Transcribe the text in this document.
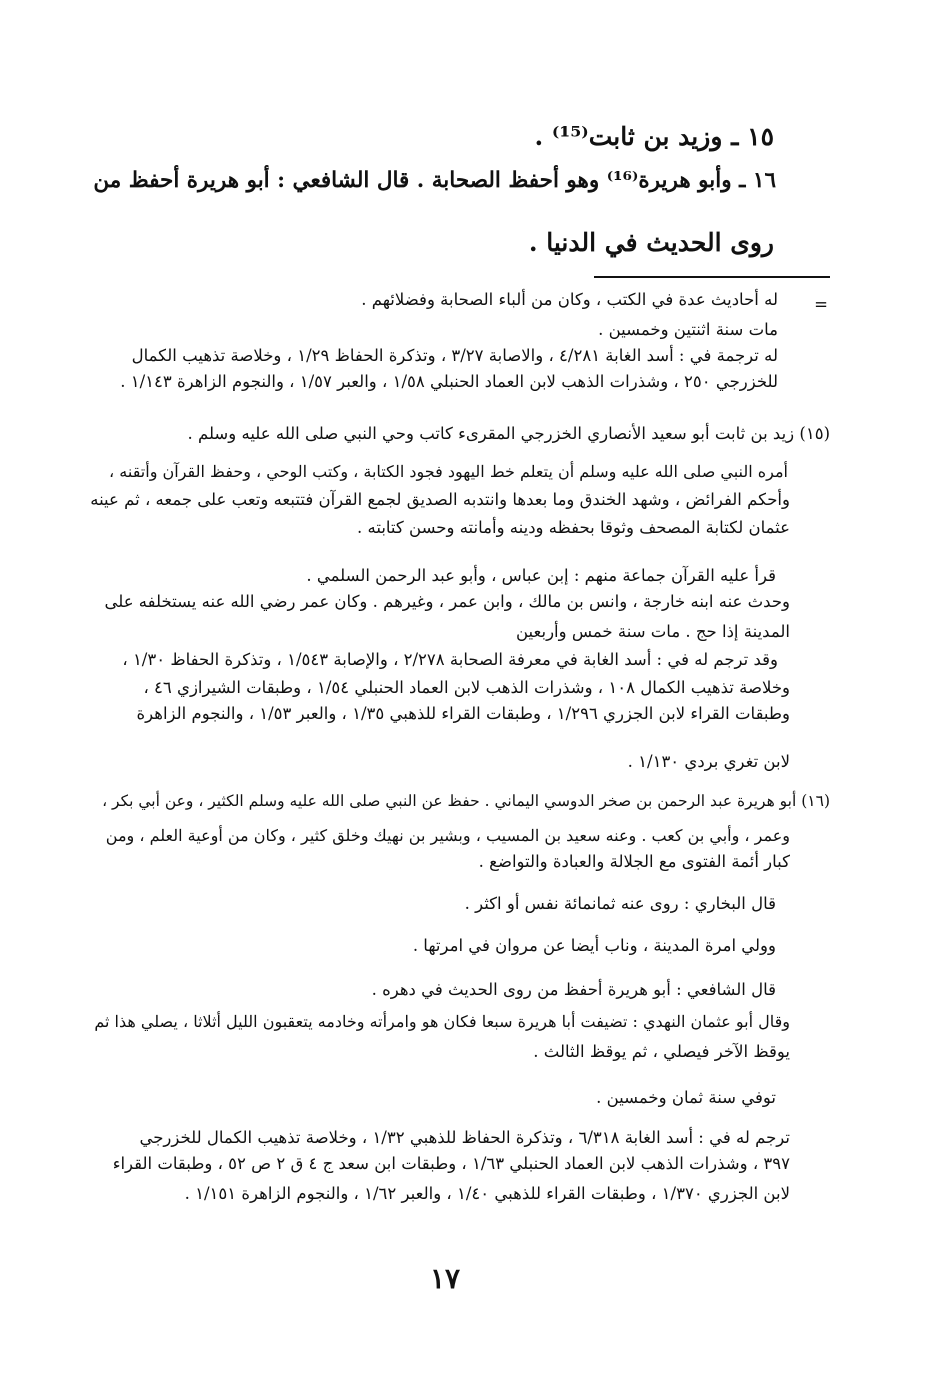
١٥ ـ وزيد بن ثابت⁽¹⁵⁾ .
١٦ ـ وأبو هريرة⁽¹⁶⁾ وهو أحفظ الصحابة . قال الشافعي : أبو هريرة أحفظ من
روى الحديث في الدنيا .
=
له أحاديث عدة في الكتب ، وكان من ألباء الصحابة وفضلائهم .
مات سنة اثنتين وخمسين .
له ترجمة في : أسد الغابة ٤/٢٨١ ، والاصابة ٣/٢٧ ، وتذكرة الحفاظ ١/٢٩ ، وخلاصة تذهيب الكمال
للخزرجي ٢٥٠ ، وشذرات الذهب لابن العماد الحنبلي ١/٥٨ ، والعبر ١/٥٧ ، والنجوم الزاهرة ١/١٤٣ .
(١٥) زيد بن ثابت أبو سعيد الأنصاري الخزرجي المقرىء كاتب وحي النبي صلى الله عليه وسلم .
أمره النبي صلى الله عليه وسلم أن يتعلم خط اليهود فجود الكتابة ، وكتب الوحي ، وحفظ القرآن وأتقنه ،
وأحكم الفرائض ، وشهد الخندق وما بعدها وانتدبه الصديق لجمع القرآن فتتبعه وتعب على جمعه ، ثم عينه
عثمان لكتابة المصحف وثوقا بحفظه ودينه وأمانته وحسن كتابته .
قرأ عليه القرآن جماعة منهم : إبن عباس ، وأبو عبد الرحمن السلمي .
وحدث عنه ابنه خارجة ، وانس بن مالك ، وابن عمر ، وغيرهم . وكان عمر رضي الله عنه يستخلفه على
المدينة إذا حج . مات سنة خمس وأربعين
وقد ترجم له في : أسد الغابة في معرفة الصحابة ٢/٢٧٨ ، والإصابة ١/٥٤٣ ، وتذكرة الحفاظ ١/٣٠ ،
وخلاصة تذهيب الكمال ١٠٨ ، وشذرات الذهب لابن العماد الحنبلي ١/٥٤ ، وطبقات الشيرازي ٤٦ ،
وطبقات القراء لابن الجزري ١/٢٩٦ ، وطبقات القراء للذهبي ١/٣٥ ، والعبر ١/٥٣ ، والنجوم الزاهرة
لابن تغري بردي ١/١٣٠ .
(١٦) أبو هريرة عبد الرحمن بن صخر الدوسي اليماني . حفظ عن النبي صلى الله عليه وسلم الكثير ، وعن أبي بكر ،
وعمر ، وأبي بن كعب . وعنه سعيد بن المسيب ، وبشير بن نهيك وخلق كثير ، وكان من أوعية العلم ، ومن
كبار أئمة الفتوى مع الجلالة والعبادة والتواضع .
قال البخاري : روى عنه ثمانمائة نفس أو اكثر .
وولي امرة المدينة ، وناب أيضا عن مروان في امرتها .
قال الشافعي : أبو هريرة أحفظ من روى الحديث في دهره .
وقال أبو عثمان النهدي : تضيفت أبا هريرة سبعا فكان هو وامرأته وخادمه يتعقبون الليل أثلاثا ، يصلي هذا ثم
يوقظ الآخر فيصلي ، ثم يوقظ الثالث .
توفي سنة ثمان وخمسين .
ترجم له في : أسد الغابة ٦/٣١٨ ، وتذكرة الحفاظ للذهبي ١/٣٢ ، وخلاصة تذهيب الكمال للخزرجي
٣٩٧ ، وشذرات الذهب لابن العماد الحنبلي ١/٦٣ ، وطبقات ابن سعد ج ٤ ق ٢ ص ٥٢ ، وطبقات القراء
لابن الجزري ١/٣٧٠ ، وطبقات القراء للذهبي ١/٤٠ ، والعبر ١/٦٢ ، والنجوم الزاهرة ١/١٥١ .
١٧
